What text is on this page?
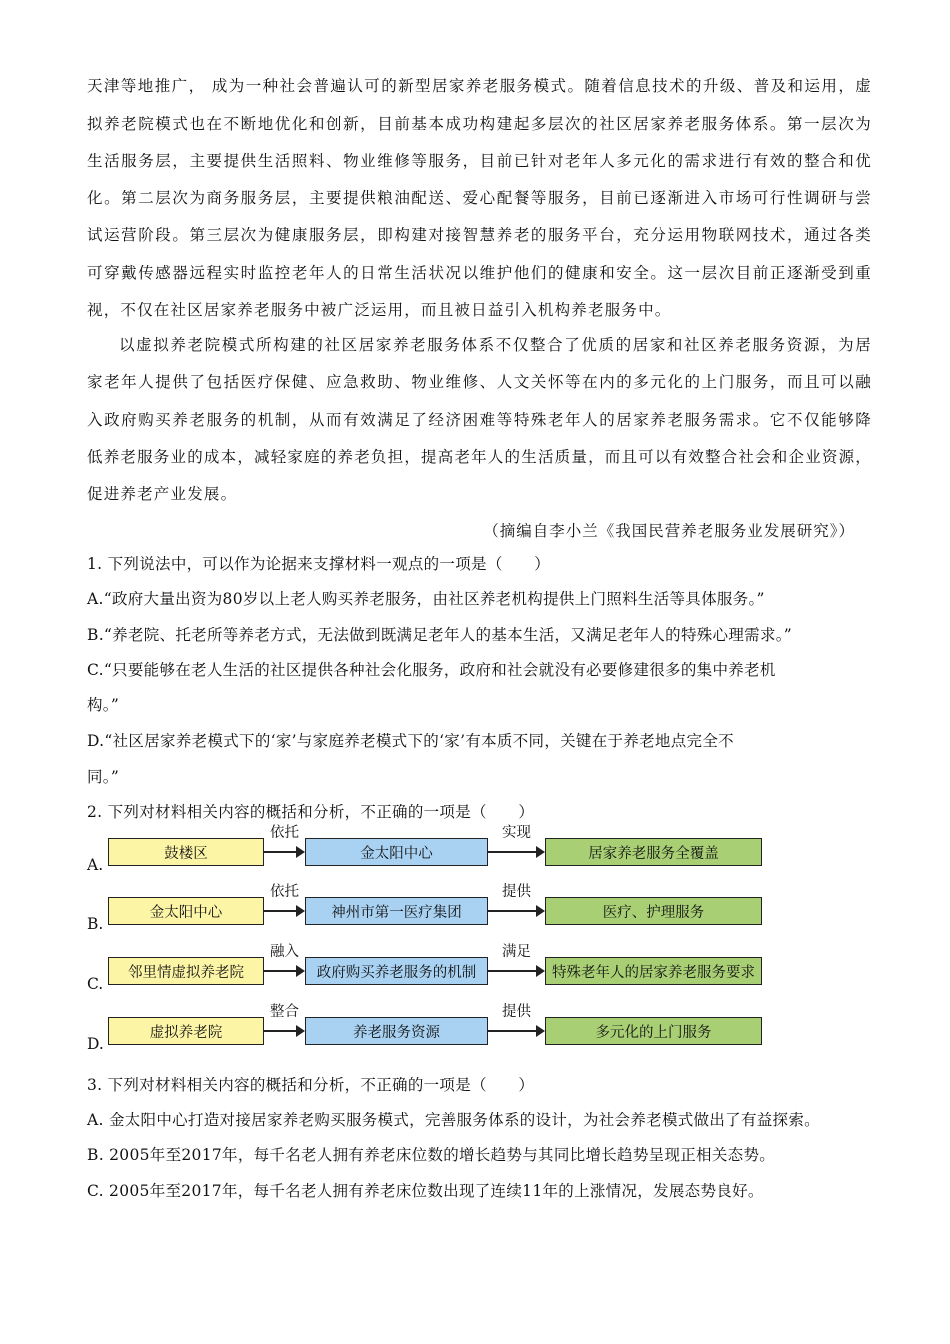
天津等地推广， 成为一种社会普遍认可的新型居家养老服务模式。随着信息技术的升级、普及和运用，虚
拟养老院模式也在不断地优化和创新，目前基本成功构建起多层次的社区居家养老服务体系。第一层次为
生活服务层，主要提供生活照料、物业维修等服务，目前已针对老年人多元化的需求进行有效的整合和优
化。第二层次为商务服务层，主要提供粮油配送、爱心配餐等服务，目前已逐渐进入市场可行性调研与尝
试运营阶段。第三层次为健康服务层，即构建对接智慧养老的服务平台，充分运用物联网技术，通过各类
可穿戴传感器远程实时监控老年人的日常生活状况以维护他们的健康和安全。这一层次目前正逐渐受到重
视，不仅在社区居家养老服务中被广泛运用，而且被日益引入机构养老服务中。
以虚拟养老院模式所构建的社区居家养老服务体系不仅整合了优质的居家和社区养老服务资源，为居
家老年人提供了包括医疗保健、应急救助、物业维修、人文关怀等在内的多元化的上门服务，而且可以融
入政府购买养老服务的机制，从而有效满足了经济困难等特殊老年人的居家养老服务需求。它不仅能够降
低养老服务业的成本，减轻家庭的养老负担，提高老年人的生活质量，而且可以有效整合社会和企业资源，
促进养老产业发展。
（摘编自李小兰《我国民营养老服务业发展研究》）
1. 下列说法中，可以作为论据来支撑材料一观点的一项是（　　）
A.“政府大量出资为80岁以上老人购买养老服务，由社区养老机构提供上门照料生活等具体服务。”
B.“养老院、托老所等养老方式，无法做到既满足老年人的基本生活，又满足老年人的特殊心理需求。”
C.“只要能够在老人生活的社区提供各种社会化服务，政府和社会就没有必要修建很多的集中养老机
构。”
D.“社区居家养老模式下的‘家’与家庭养老模式下的‘家’有本质不同，关键在于养老地点完全不
同。”
2. 下列对材料相关内容的概括和分析，不正确的一项是（　　）
A.
鼓楼区
依托
金太阳中心
实现
居家养老服务全覆盖
B.
金太阳中心
依托
神州市第一医疗集团
提供
医疗、护理服务
C.
邻里情虚拟养老院
融入
政府购买养老服务的机制
满足
特殊老年人的居家养老服务要求
D.
虚拟养老院
整合
养老服务资源
提供
多元化的上门服务
3. 下列对材料相关内容的概括和分析，不正确的一项是（　　）
A. 金太阳中心打造对接居家养老购买服务模式，完善服务体系的设计，为社会养老模式做出了有益探索。
B. 2005年至2017年，每千名老人拥有养老床位数的增长趋势与其同比增长趋势呈现正相关态势。
C. 2005年至2017年，每千名老人拥有养老床位数出现了连续11年的上涨情况，发展态势良好。
